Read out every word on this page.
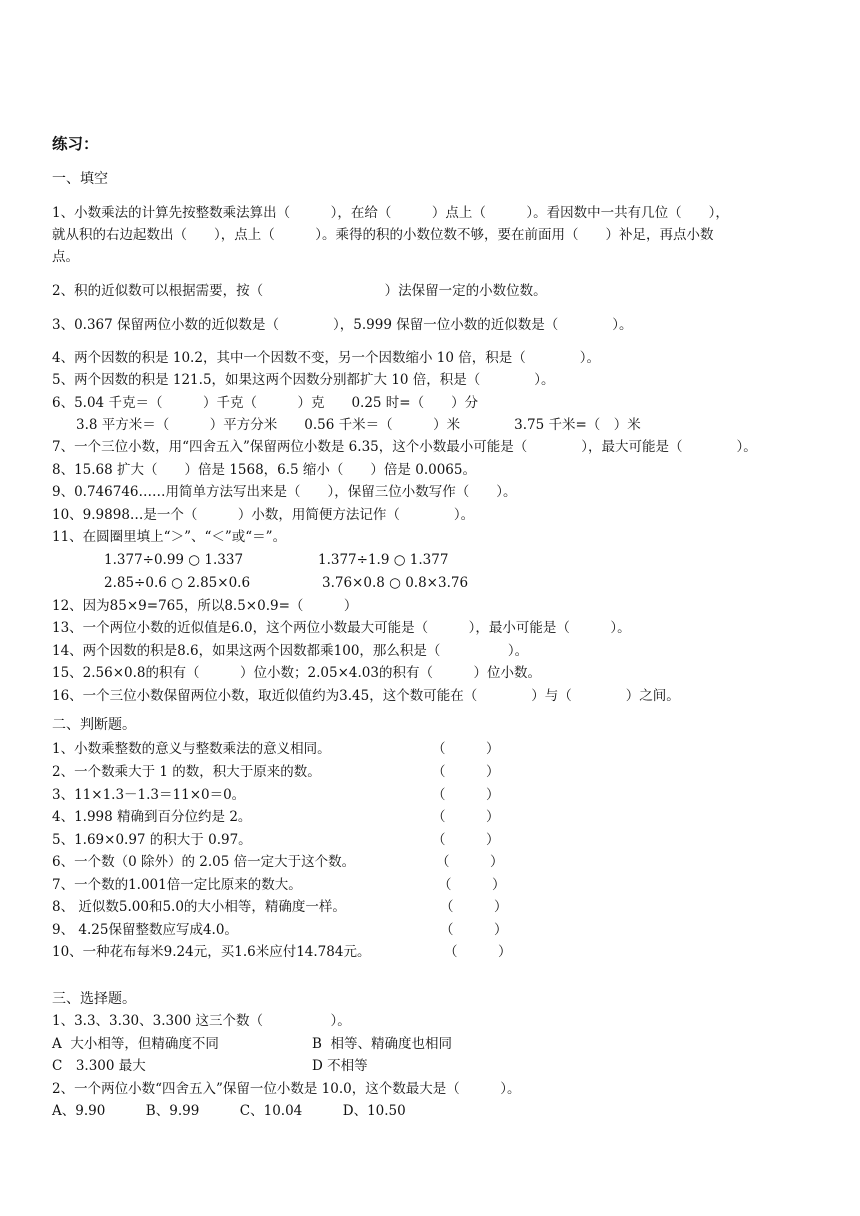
练习：
一、填空
1、小数乘法的计算先按整数乘法算出（　　　），在给（　　　）点上（　　　）。看因数中一共有几位（　　），
就从积的右边起数出（　　），点上（　　　）。乘得的积的小数位数不够，要在前面用（　　）补足，再点小数
点。
2、积的近似数可以根据需要，按（　　　　　　　　　）法保留一定的小数位数。
3、0.367 保留两位小数的近似数是（　　　　），5.999 保留一位小数的近似数是（　　　　）。
4、两个因数的积是 10.2，其中一个因数不变，另一个因数缩小 10 倍，积是（　　　　）。
5、两个因数的积是 121.5，如果这两个因数分别都扩大 10 倍，积是（　　　　）。
6、5.04 千克＝（　　　）千克（　　　）克　　0.25 时=（　　）分
3.8 平方米＝（　　　）平方分米　　0.56 千米＝（　　　）米　　　　3.75 千米=（　）米
7、一个三位小数，用“四舍五入”保留两位小数是 6.35，这个小数最小可能是（　　　　），最大可能是（　　　　）。
8、15.68 扩大（　　）倍是 1568，6.5 缩小（　　）倍是 0.0065。
9、0.746746……用简单方法写出来是（　　），保留三位小数写作（　　）。
10、9.9898…是一个（　　　）小数，用简便方法记作（　　　　）。
11、在圆圈里填上“＞”、“＜”或“＝”。
1.377÷0.99 ○ 1.337	1.377÷1.9 ○ 1.377
2.85÷0.6 ○ 2.85×0.6	3.76×0.8 ○ 0.8×3.76
12、因为85×9=765，所以8.5×0.9=（　　　）
13、一个两位小数的近似值是6.0，这个两位小数最大可能是（　　　），最小可能是（　　　）。
14、两个因数的积是8.6，如果这两个因数都乘100，那么积是（　　　　　）。
15、2.56×0.8的积有（　　　）位小数；2.05×4.03的积有（　　　）位小数。
16、一个三位小数保留两位小数，取近似值约为3.45，这个数可能在（　　　　）与（　　　　）之间。
二、判断题。
1、小数乘整数的意义与整数乘法的意义相同。	（　　　）
2、一个数乘大于 1 的数，积大于原来的数。	（　　　）
3、11×1.3－1.3＝11×0＝0。	（　　　）
4、1.998 精确到百分位约是 2。	（　　　）
5、1.69×0.97 的积大于 0.97。	（　　　）
6、一个数（0 除外）的 2.05 倍一定大于这个数。	（　　　）
7、一个数的1.001倍一定比原来的数大。	（　　　）
8、 近似数5.00和5.0的大小相等，精确度一样。	（　　　）
9、 4.25保留整数应写成4.0。	（　　　）
10、一种花布每米9.24元，买1.6米应付14.784元。	（　　　）
三、选择题。
1、3.3、3.30、3.300 这三个数（　　　　　）。
A  大小相等，但精确度不同	B  相等、精确度也相同
C　3.300 最大	D 不相等
2、一个两位小数“四舍五入”保留一位小数是 10.0，这个数最大是（　　　）。
A、9.90　　　B、9.99　　　C、10.04　　　D、10.50
